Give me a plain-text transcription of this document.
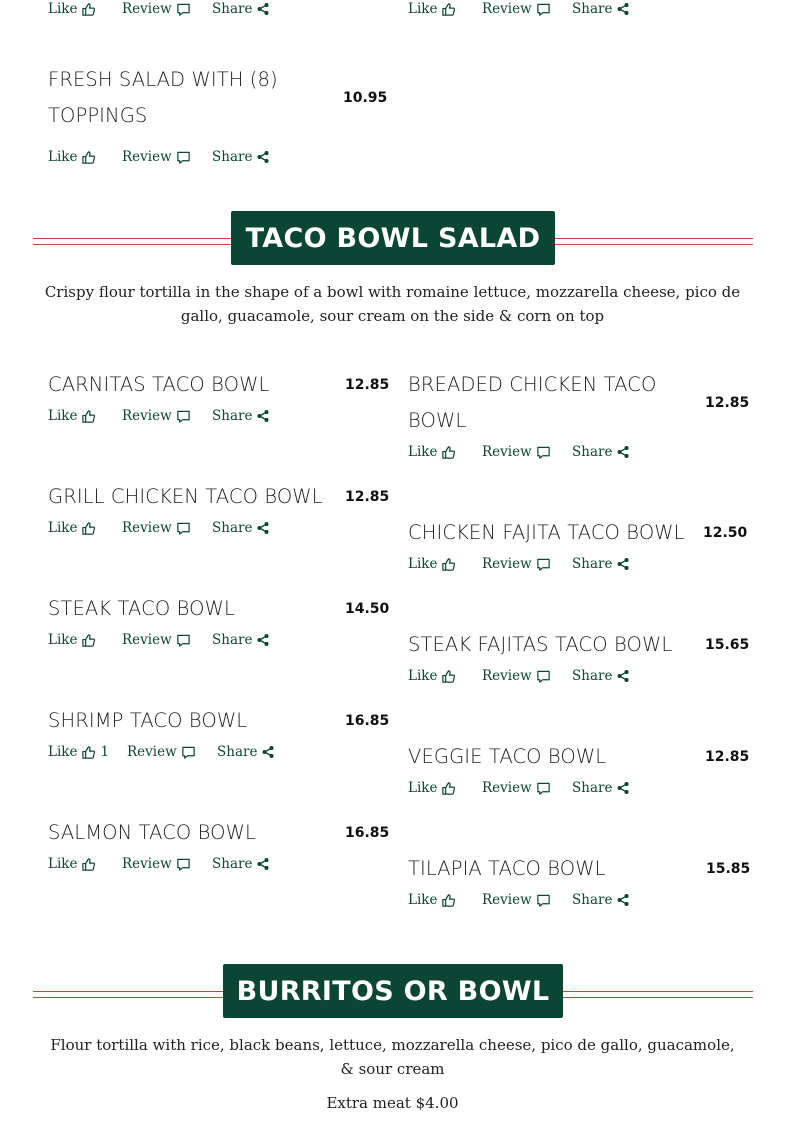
Like	Review	Share	Like	Review	Share
FRESH SALAD WITH (8)
TOPPINGS
10.95
Like	Review	Share
TACO BOWL SALAD
Crispy flour tortilla in the shape of a bowl with romaine lettuce, mozzarella cheese, pico de gallo, guacamole, sour cream on the side & corn on top
CARNITAS TACO BOWL	12.85
Like	Review	Share
GRILL CHICKEN TACO BOWL	12.85
Like	Review	Share
STEAK TACO BOWL	14.50
Like	Review	Share
SHRIMP TACO BOWL	16.85
Like 1 Review	Share
SALMON TACO BOWL	16.85
Like	Review	Share
BREADED CHICKEN TACO
BOWL
12.85
Like	Review	Share
CHICKEN FAJITA TACO BOWL	12.50
Like	Review	Share
STEAK FAJITAS TACO BOWL	15.65
Like	Review	Share
VEGGIE TACO BOWL	12.85
Like	Review	Share
TILAPIA TACO BOWL	15.85
Like	Review	Share
BURRITOS OR BOWL
Flour tortilla with rice, black beans, lettuce, mozzarella cheese, pico de gallo, guacamole, & sour cream
Extra meat $4.00
